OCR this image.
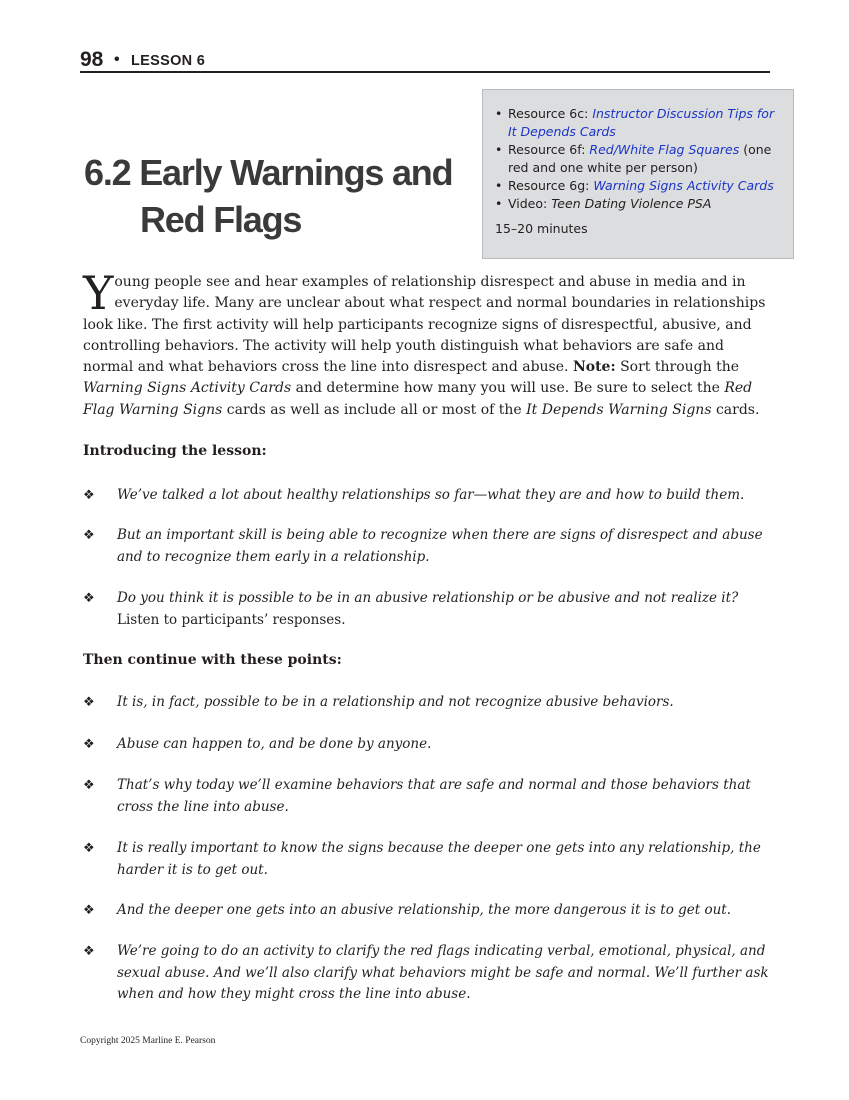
98 • LESSON 6
6.2 Early Warnings and
Red Flags
• Resource 6c: Instructor Discussion Tips for It Depends Cards
• Resource 6f: Red/White Flag Squares (one red and one white per person)
• Resource 6g: Warning Signs Activity Cards
• Video: Teen Dating Violence PSA
15–20 minutes

Young people see and hear examples of relationship disrespect and abuse in media and in everyday life. Many are unclear about what respect and normal boundaries in relationships look like. The first activity will help participants recognize signs of disrespectful, abusive, and controlling behaviors. The activity will help youth distinguish what behaviors are safe and normal and what behaviors cross the line into disrespect and abuse. Note: Sort through the Warning Signs Activity Cards and determine how many you will use. Be sure to select the Red Flag Warning Signs cards as well as include all or most of the It Depends Warning Signs cards.

Introducing the lesson:

❖ We’ve talked a lot about healthy relationships so far—what they are and how to build them.
❖ But an important skill is being able to recognize when there are signs of disrespect and abuse and to recognize them early in a relationship.
❖ Do you think it is possible to be in an abusive relationship or be abusive and not realize it? Listen to participants’ responses.

Then continue with these points:

❖ It is, in fact, possible to be in a relationship and not recognize abusive behaviors.
❖ Abuse can happen to, and be done by anyone.
❖ That’s why today we’ll examine behaviors that are safe and normal and those behaviors that cross the line into abuse.
❖ It is really important to know the signs because the deeper one gets into any relationship, the harder it is to get out.
❖ And the deeper one gets into an abusive relationship, the more dangerous it is to get out.
❖ We’re going to do an activity to clarify the red flags indicating verbal, emotional, physical, and sexual abuse. And we’ll also clarify what behaviors might be safe and normal. We’ll further ask when and how they might cross the line into abuse.

Copyright 2025 Marline E. Pearson
